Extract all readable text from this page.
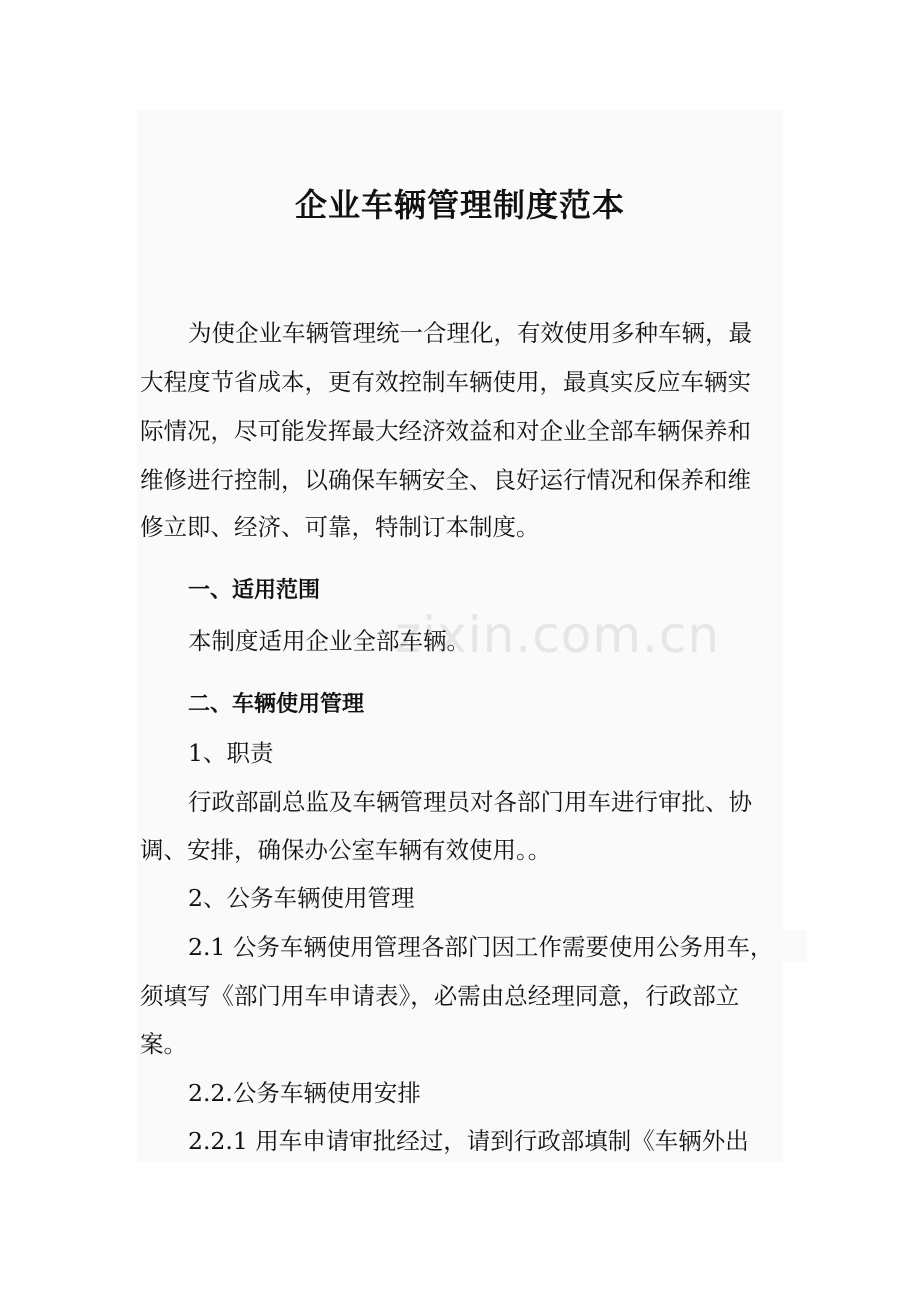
zixin.com.cn
企业车辆管理制度范本
为使企业车辆管理统一合理化，有效使用多种车辆，最
大程度节省成本，更有效控制车辆使用，最真实反应车辆实
际情况，尽可能发挥最大经济效益和对企业全部车辆保养和
维修进行控制，以确保车辆安全、良好运行情况和保养和维
修立即、经济、可靠，特制订本制度。
一、适用范围
本制度适用企业全部车辆。
二、车辆使用管理
1、职责
行政部副总监及车辆管理员对各部门用车进行审批、协
调、安排，确保办公室车辆有效使用。。
2、公务车辆使用管理
2.1 公务车辆使用管理各部门因工作需要使用公务用车，
须填写《部门用车申请表》，必需由总经理同意，行政部立
案。
2.2.公务车辆使用安排
2.2.1 用车申请审批经过，请到行政部填制《车辆外出
